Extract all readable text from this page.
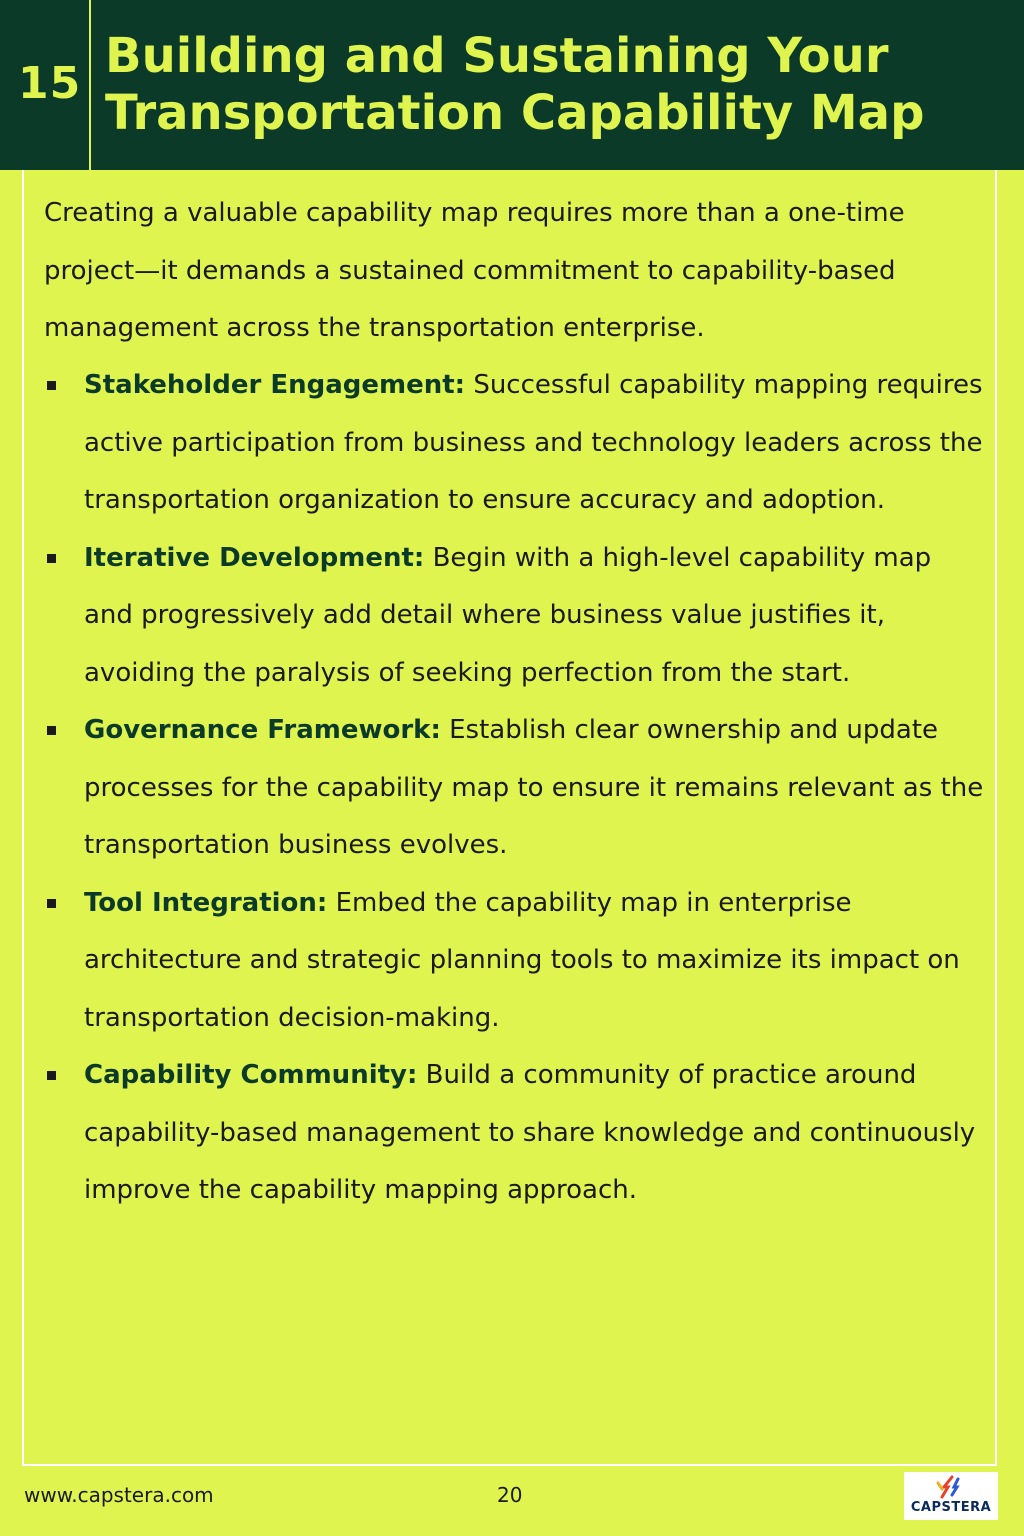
15 Building and Sustaining Your
Transportation Capability Map

Creating a valuable capability map requires more than a one-time project—it demands a sustained commitment to capability-based management across the transportation enterprise.

Stakeholder Engagement: Successful capability mapping requires active participation from business and technology leaders across the transportation organization to ensure accuracy and adoption.
Iterative Development: Begin with a high-level capability map and progressively add detail where business value justifies it, avoiding the paralysis of seeking perfection from the start.
Governance Framework: Establish clear ownership and update processes for the capability map to ensure it remains relevant as the transportation business evolves.
Tool Integration: Embed the capability map in enterprise architecture and strategic planning tools to maximize its impact on transportation decision-making.
Capability Community: Build a community of practice around capability-based management to share knowledge and continuously improve the capability mapping approach.
www.capstera.com	20
CAPSTERA
